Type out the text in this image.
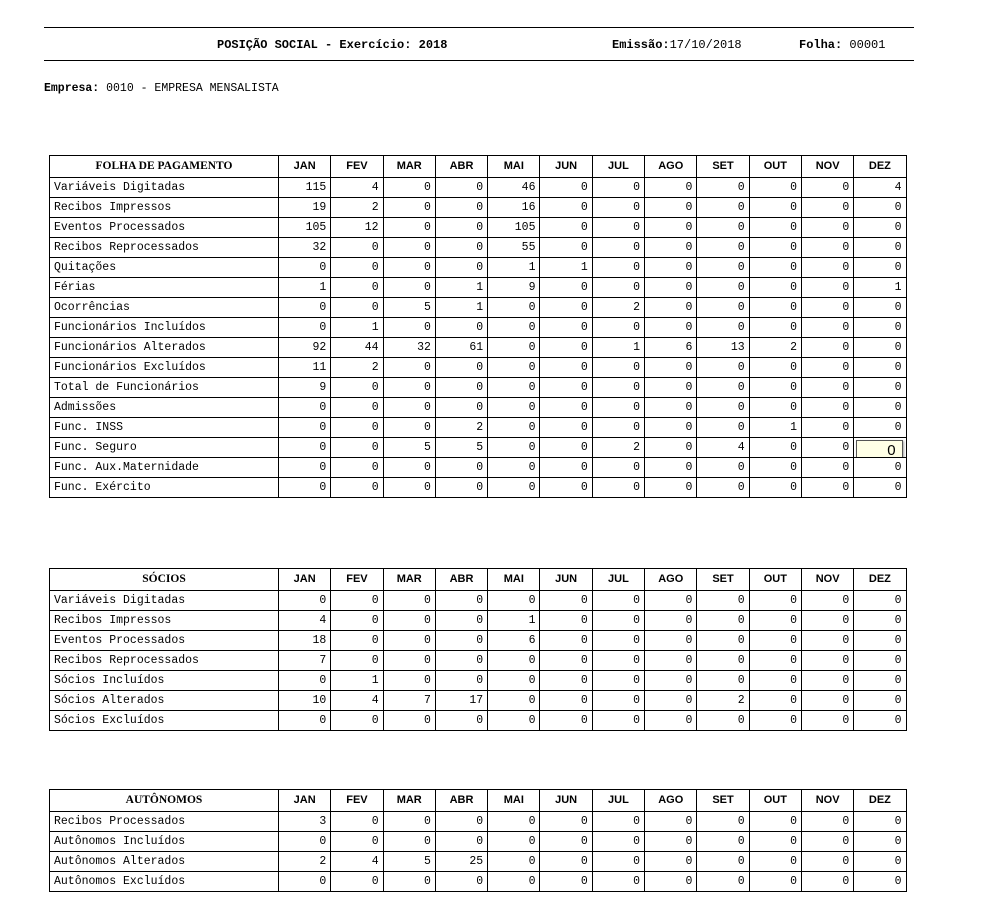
POSIÇÃO SOCIAL - Exercício: 2018	Emissão:17/10/2018	Folha: 00001
Empresa: 0010 - EMPRESA MENSALISTA
FOLHA DE PAGAMENTO	JAN	FEV	MAR	ABR	MAI	JUN	JUL	AGO	SET	OUT	NOV	DEZ
Variáveis Digitadas	115	4	0	0	46	0	0	0	0	0	0	4
Recibos Impressos	19	2	0	0	16	0	0	0	0	0	0	0
Eventos Processados	105	12	0	0	105	0	0	0	0	0	0	0
Recibos Reprocessados	32	0	0	0	55	0	0	0	0	0	0	0
Quitações	0	0	0	0	1	1	0	0	0	0	0	0
Férias	1	0	0	1	9	0	0	0	0	0	0	1
Ocorrências	0	0	5	1	0	0	2	0	0	0	0	0
Funcionários Incluídos	0	1	0	0	0	0	0	0	0	0	0	0
Funcionários Alterados	92	44	32	61	0	0	1	6	13	2	0	0
Funcionários Excluídos	11	2	0	0	0	0	0	0	0	0	0	0
Total de Funcionários	9	0	0	0	0	0	0	0	0	0	0	0
Admissões	0	0	0	0	0	0	0	0	0	0	0	0
Func. INSS	0	0	0	2	0	0	0	0	0	1	0	0
Func. Seguro	0	0	5	5	0	0	2	0	4	0	0	0

Func. Aux.Maternidade	0	0	0	0	0	0	0	0	0	0	0	0
Func. Exército	0	0	0	0	0	0	0	0	0	0	0	0
SÓCIOS	JAN	FEV	MAR	ABR	MAI	JUN	JUL	AGO	SET	OUT	NOV	DEZ
Variáveis Digitadas	0	0	0	0	0	0	0	0	0	0	0	0
Recibos Impressos	4	0	0	0	1	0	0	0	0	0	0	0
Eventos Processados	18	0	0	0	6	0	0	0	0	0	0	0
Recibos Reprocessados	7	0	0	0	0	0	0	0	0	0	0	0
Sócios Incluídos	0	1	0	0	0	0	0	0	0	0	0	0
Sócios Alterados	10	4	7	17	0	0	0	0	2	0	0	0
Sócios Excluídos	0	0	0	0	0	0	0	0	0	0	0	0
AUTÔNOMOS	JAN	FEV	MAR	ABR	MAI	JUN	JUL	AGO	SET	OUT	NOV	DEZ
Recibos Processados	3	0	0	0	0	0	0	0	0	0	0	0
Autônomos Incluídos	0	0	0	0	0	0	0	0	0	0	0	0
Autônomos Alterados	2	4	5	25	0	0	0	0	0	0	0	0
Autônomos Excluídos	0	0	0	0	0	0	0	0	0	0	0	0
